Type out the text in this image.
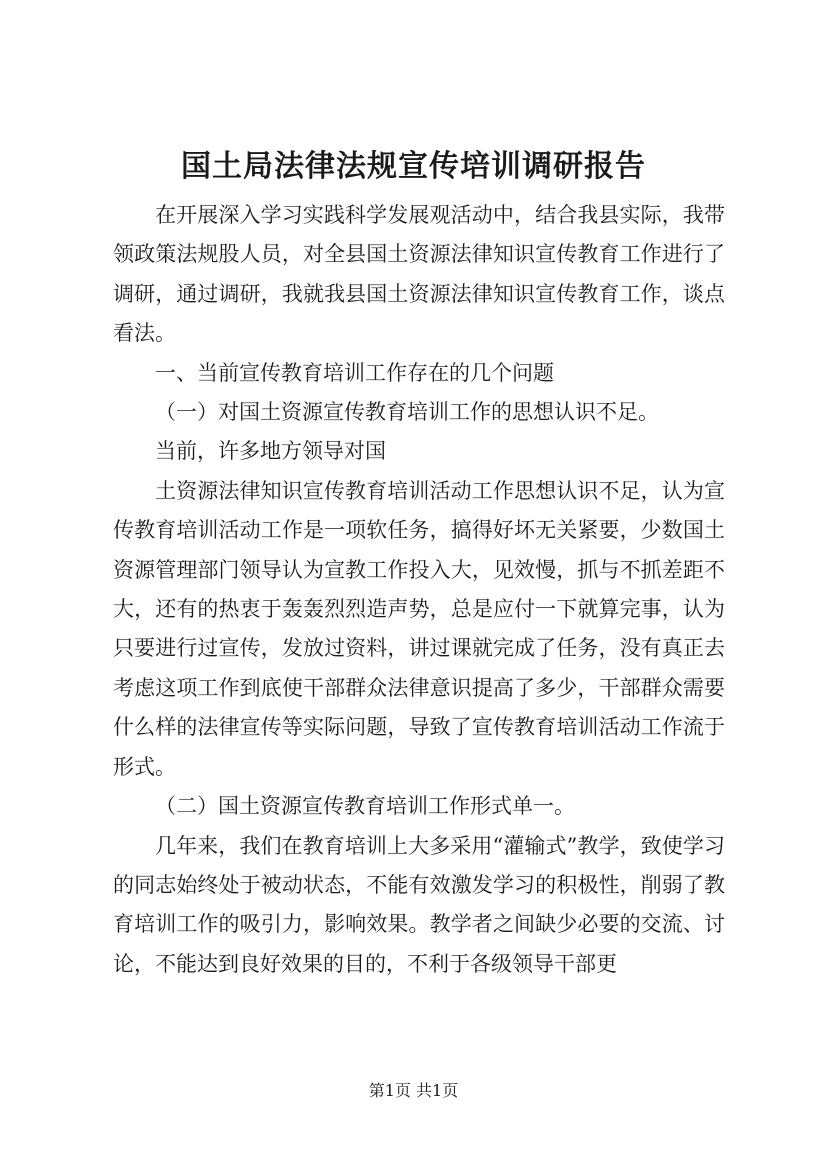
国土局法律法规宣传培训调研报告

在开展深入学习实践科学发展观活动中，结合我县实际，我带领政策法规股人员，对全县国土资源法律知识宣传教育工作进行了调研，通过调研，我就我县国土资源法律知识宣传教育工作，谈点看法。

一、当前宣传教育培训工作存在的几个问题

（一）对国土资源宣传教育培训工作的思想认识不足。

当前，许多地方领导对国

土资源法律知识宣传教育培训活动工作思想认识不足，认为宣传教育培训活动工作是一项软任务，搞得好坏无关紧要，少数国土资源管理部门领导认为宣教工作投入大，见效慢，抓与不抓差距不大，还有的热衷于轰轰烈烈造声势，总是应付一下就算完事，认为只要进行过宣传，发放过资料，讲过课就完成了任务，没有真正去考虑这项工作到底使干部群众法律意识提高了多少，干部群众需要什么样的法律宣传等实际问题，导致了宣传教育培训活动工作流于形式。

（二）国土资源宣传教育培训工作形式单一。

几年来，我们在教育培训上大多采用“灌输式”教学，致使学习的同志始终处于被动状态，不能有效激发学习的积极性，削弱了教育培训工作的吸引力，影响效果。教学者之间缺少必要的交流、讨论，不能达到良好效果的目的，不利于各级领导干部更

第1页 共1页
